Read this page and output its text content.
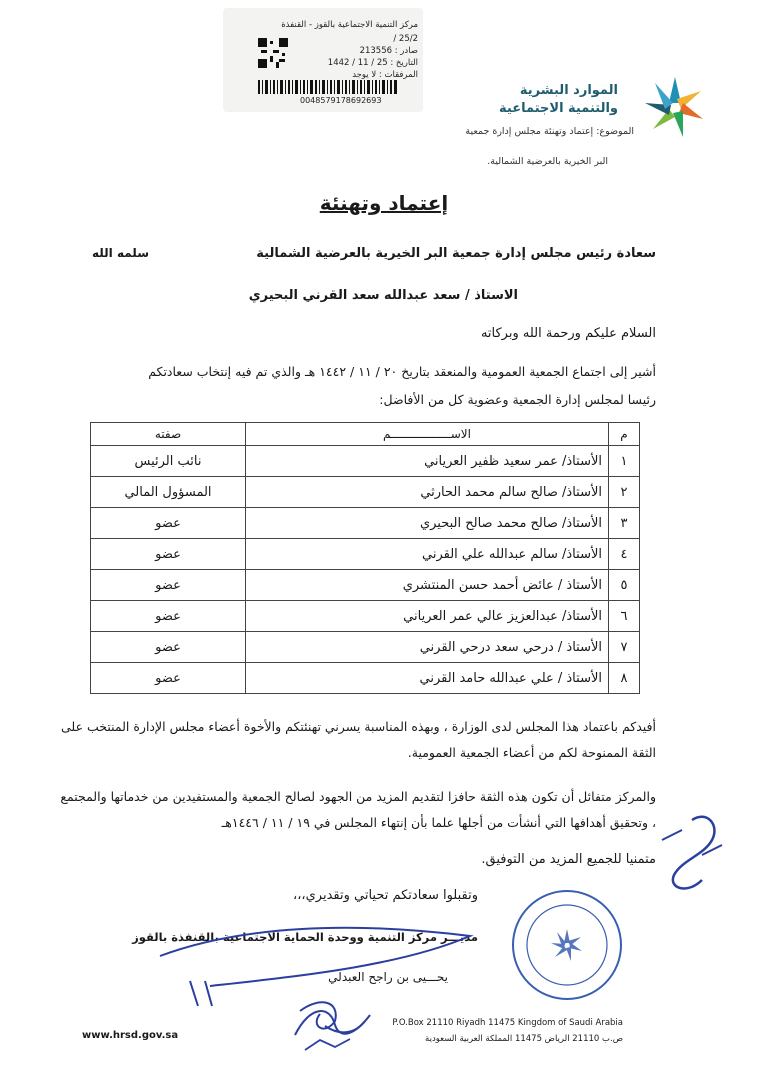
الموارد البشرية
والتنمية الاجتماعية
مركز التنمية الاجتماعية بالقوز - القنفذة
/ 25/2
صادر : 213556
التاريخ : 25 / 11 / 1442
المرفقات : لا يوجد
004857917869269З
الموضوع: إعتماد وتهنئة مجلس إدارة جمعية
البر الخيرية بالعرضية الشمالية.
إعتماد وتهنئة
سعادة رئيس مجلس إدارة جمعية البر الخيرية بالعرضية الشمالية
سلمه الله
الاستاذ / سعد عبدالله سعد القرني البحيري
السلام عليكم ورحمة الله وبركاته
أشير إلى اجتماع الجمعية العمومية والمنعقد بتاريخ ٢٠ / ١١ / ١٤٤٢ هـ والذي تم فيه إنتخاب سعادتكم
رئيسا لمجلس إدارة الجمعية وعضوية كل من الأفاضل:
م	الاســـــــــــــــــم	صفته
١	الأستاذ/ عمر سعيد ظفير العرياني	نائب الرئيس
٢	الأستاذ/ صالح سالم محمد الحارثي	المسؤول المالي
٣	الأستاذ/ صالح محمد صالح البحيري	عضو
٤	الأستاذ/ سالم عبدالله علي القرني	عضو
٥	الأستاذ / عائض أحمد حسن المنتشري	عضو
٦	الأستاذ/ عبدالعزيز عالي عمر العرياني	عضو
٧	الأستاذ / درحي سعد درحي القرني	عضو
٨	الأستاذ / علي عبدالله حامد القرني	عضو
أفيدكم باعتماد هذا المجلس لدى الوزارة ، وبهذه المناسبة يسرني تهنئتكم والأخوة أعضاء مجلس الإدارة المنتخب على الثقة الممنوحة لكم من أعضاء الجمعية العمومية.
والمركز متفائل أن تكون هذه الثقة حافزا لتقديم المزيد من الجهود لصالح الجمعية والمستفيدين من خدماتها والمجتمع ، وتحقيق أهدافها التي أنشأت من أجلها علما بأن إنتهاء المجلس في ١٩ / ١١ / ١٤٤٦هـ
متمنيا للجميع المزيد من التوفيق.
وتقبلوا سعادتكم تحياتي وتقديري،،،
مديـــر مركز التنمية ووحدة الحماية الاجتماعية بالقنفذة بالقوز
يحـــيى بن راجح العبدلي
www.hrsd.gov.sa
P.O.Box 21110 Riyadh 11475 Kingdom of Saudi Arabia
ص.ب 21110 الرياض 11475 المملكة العربية السعودية
